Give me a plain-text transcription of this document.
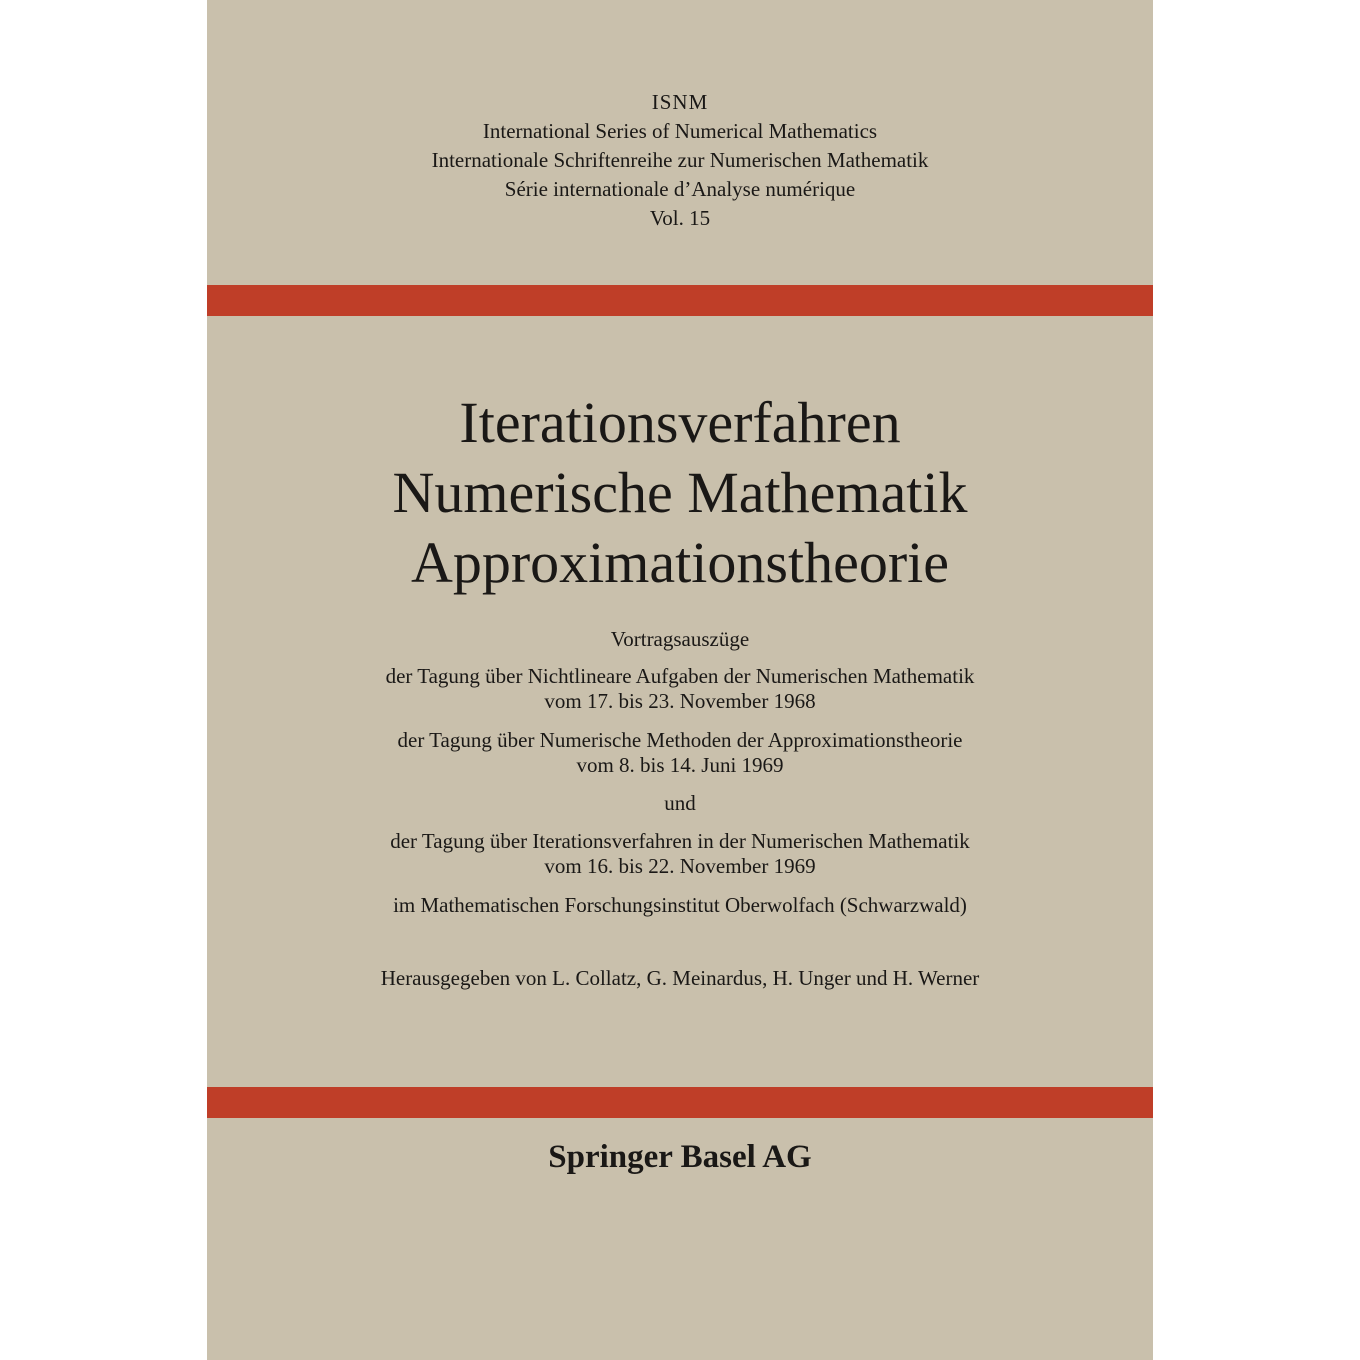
ISNM
International Series of Numerical Mathematics
Internationale Schriftenreihe zur Numerischen Mathematik
Série internationale d’Analyse numérique
Vol. 15
Iterationsverfahren
Numerische Mathematik
Approximationstheorie
Vortragsauszüge
der Tagung über Nichtlineare Aufgaben der Numerischen Mathematik
vom 17. bis 23. November 1968
der Tagung über Numerische Methoden der Approximationstheorie
vom 8. bis 14. Juni 1969
und
der Tagung über Iterationsverfahren in der Numerischen Mathematik
vom 16. bis 22. November 1969
im Mathematischen Forschungsinstitut Oberwolfach (Schwarzwald)
Herausgegeben von L. Collatz, G. Meinardus, H. Unger und H. Werner
Springer Basel AG
